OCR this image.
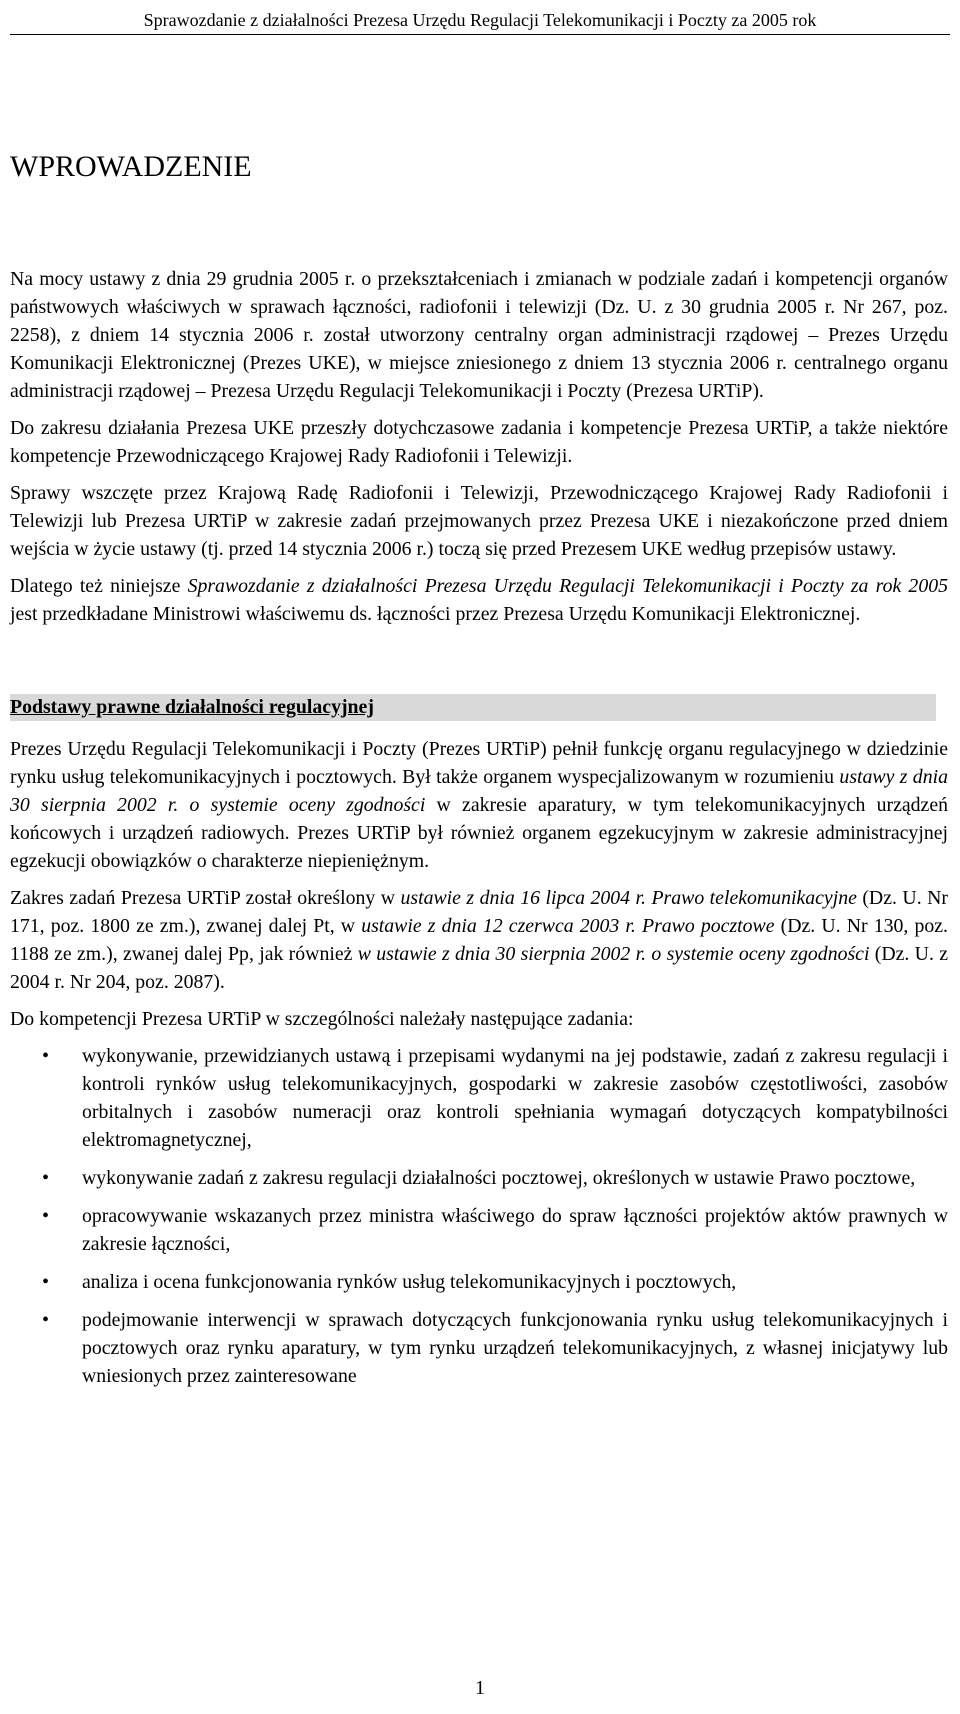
Sprawozdanie z działalności Prezesa Urzędu Regulacji Telekomunikacji i Poczty za 2005 rok
WPROWADZENIE

Na mocy ustawy z dnia 29 grudnia 2005 r. o przekształceniach i zmianach w podziale zadań i kompetencji organów państwowych właściwych w sprawach łączności, radiofonii i telewizji (Dz. U. z 30 grudnia 2005 r. Nr 267, poz. 2258), z dniem 14 stycznia 2006 r. został utworzony centralny organ administracji rządowej – Prezes Urzędu Komunikacji Elektronicznej (Prezes UKE), w miejsce zniesionego z dniem 13 stycznia 2006 r. centralnego organu administracji rządowej – Prezesa Urzędu Regulacji Telekomunikacji i Poczty (Prezesa URTiP).

Do zakresu działania Prezesa UKE przeszły dotychczasowe zadania i kompetencje Prezesa URTiP, a także niektóre kompetencje Przewodniczącego Krajowej Rady Radiofonii i Telewizji.

Sprawy wszczęte przez Krajową Radę Radiofonii i Telewizji, Przewodniczącego Krajowej Rady Radiofonii i Telewizji lub Prezesa URTiP w zakresie zadań przejmowanych przez Prezesa UKE i niezakończone przed dniem wejścia w życie ustawy (tj. przed 14 stycznia 2006 r.) toczą się przed Prezesem UKE według przepisów ustawy.

Dlatego też niniejsze Sprawozdanie z działalności Prezesa Urzędu Regulacji Telekomunikacji i Poczty za rok 2005 jest przedkładane Ministrowi właściwemu ds. łączności przez Prezesa Urzędu Komunikacji Elektronicznej.

Podstawy prawne działalności regulacyjnej

Prezes Urzędu Regulacji Telekomunikacji i Poczty (Prezes URTiP) pełnił funkcję organu regulacyjnego w dziedzinie rynku usług telekomunikacyjnych i pocztowych. Był także organem wyspecjalizowanym w rozumieniu ustawy z dnia 30 sierpnia 2002 r. o systemie oceny zgodności w zakresie aparatury, w tym telekomunikacyjnych urządzeń końcowych i urządzeń radiowych. Prezes URTiP był również organem egzekucyjnym w zakresie administracyjnej egzekucji obowiązków o charakterze niepieniężnym.

Zakres zadań Prezesa URTiP został określony w ustawie z dnia 16 lipca 2004 r. Prawo telekomunikacyjne (Dz. U. Nr 171, poz. 1800 ze zm.), zwanej dalej Pt, w ustawie z dnia 12 czerwca 2003 r. Prawo pocztowe (Dz. U. Nr 130, poz. 1188 ze zm.), zwanej dalej Pp, jak również w ustawie z dnia 30 sierpnia 2002 r. o systemie oceny zgodności (Dz. U. z 2004 r. Nr 204, poz. 2087).

Do kompetencji Prezesa URTiP w szczególności należały następujące zadania:

• wykonywanie, przewidzianych ustawą i przepisami wydanymi na jej podstawie, zadań z zakresu regulacji i kontroli rynków usług telekomunikacyjnych, gospodarki w zakresie zasobów częstotliwości, zasobów orbitalnych i zasobów numeracji oraz kontroli spełniania wymagań dotyczących kompatybilności elektromagnetycznej,
• wykonywanie zadań z zakresu regulacji działalności pocztowej, określonych w ustawie Prawo pocztowe,
• opracowywanie wskazanych przez ministra właściwego do spraw łączności projektów aktów prawnych w zakresie łączności,
• analiza i ocena funkcjonowania rynków usług telekomunikacyjnych i pocztowych,
• podejmowanie interwencji w sprawach dotyczących funkcjonowania rynku usług telekomunikacyjnych i pocztowych oraz rynku aparatury, w tym rynku urządzeń telekomunikacyjnych, z własnej inicjatywy lub wniesionych przez zainteresowane
1
